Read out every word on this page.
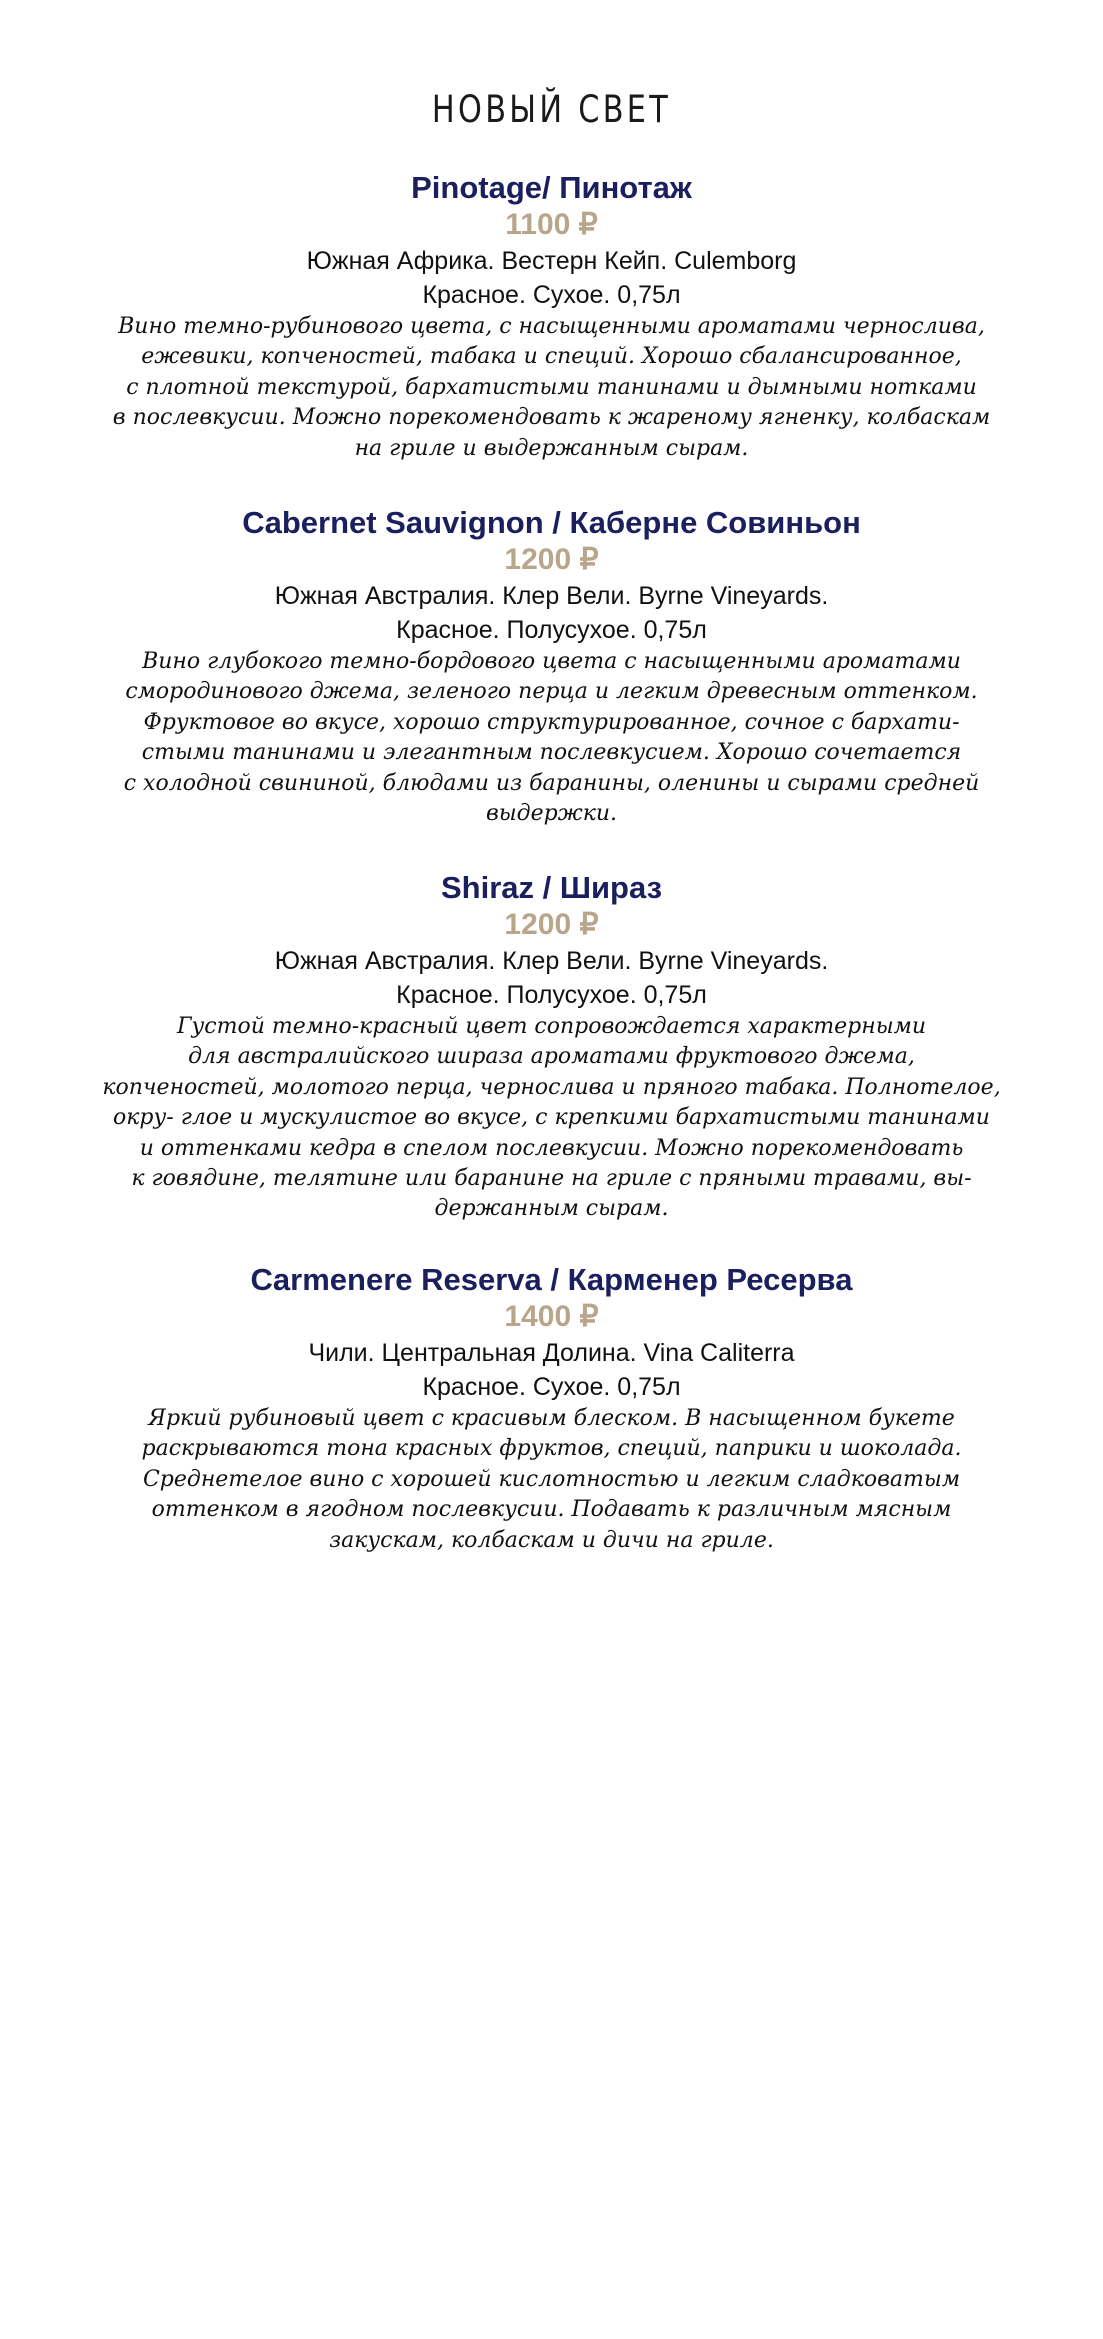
НОВЫЙ СВЕТ

Pinotage/ Пинотаж

1100 ₽

Южная Африка. Вестерн Кейп. Culemborg

Красное. Сухое. 0,75л

Вино темно-рубинового цвета, с насыщенными ароматами чернослива,
ежевики, копченостей, табака и специй. Хорошо сбалансированное,
с плотной текстурой, бархатистыми танинами и дымными нотками
в послевкусии. Можно порекомендовать к жареному ягненку, колбаскам
на гриле и выдержанным сырам.

Cabernet Sauvignon / Каберне Совиньон

1200 ₽

Южная Австралия. Клер Вели. Byrne Vineyards.

Красное. Полусухое. 0,75л

Вино глубокого темно-бордового цвета с насыщенными ароматами
смородинового джема, зеленого перца и легким древесным оттенком.
Фруктовое во вкусе, хорошо структурированное, сочное с бархати-
стыми танинами и элегантным послевкусием. Хорошо сочетается
с холодной свининой, блюдами из баранины, оленины и сырами средней
выдержки.

Shiraz / Шираз

1200 ₽

Южная Австралия. Клер Вели. Byrne Vineyards.

Красное. Полусухое. 0,75л

Густой темно-красный цвет сопровождается характерными
для австралийского шираза ароматами фруктового джема,
копченостей, молотого перца, чернослива и пряного табака. Полнотелое,
окру- глое и мускулистое во вкусе, с крепкими бархатистыми танинами
и оттенками кедра в спелом послевкусии. Можно порекомендовать
к говядине, телятине или баранине на гриле с пряными травами, вы-
держанным сырам.

Carmenere Reserva / Карменер Ресерва

1400 ₽

Чили. Центральная Долина. Vina Caliterra

Красное. Сухое. 0,75л

Яркий рубиновый цвет с красивым блеском. В насыщенном букете
раскрываются тона красных фруктов, специй, паприки и шоколада.
Среднетелое вино с хорошей кислотностью и легким сладковатым
оттенком в ягодном послевкусии. Подавать к различным мясным
закускам, колбаскам и дичи на гриле.
